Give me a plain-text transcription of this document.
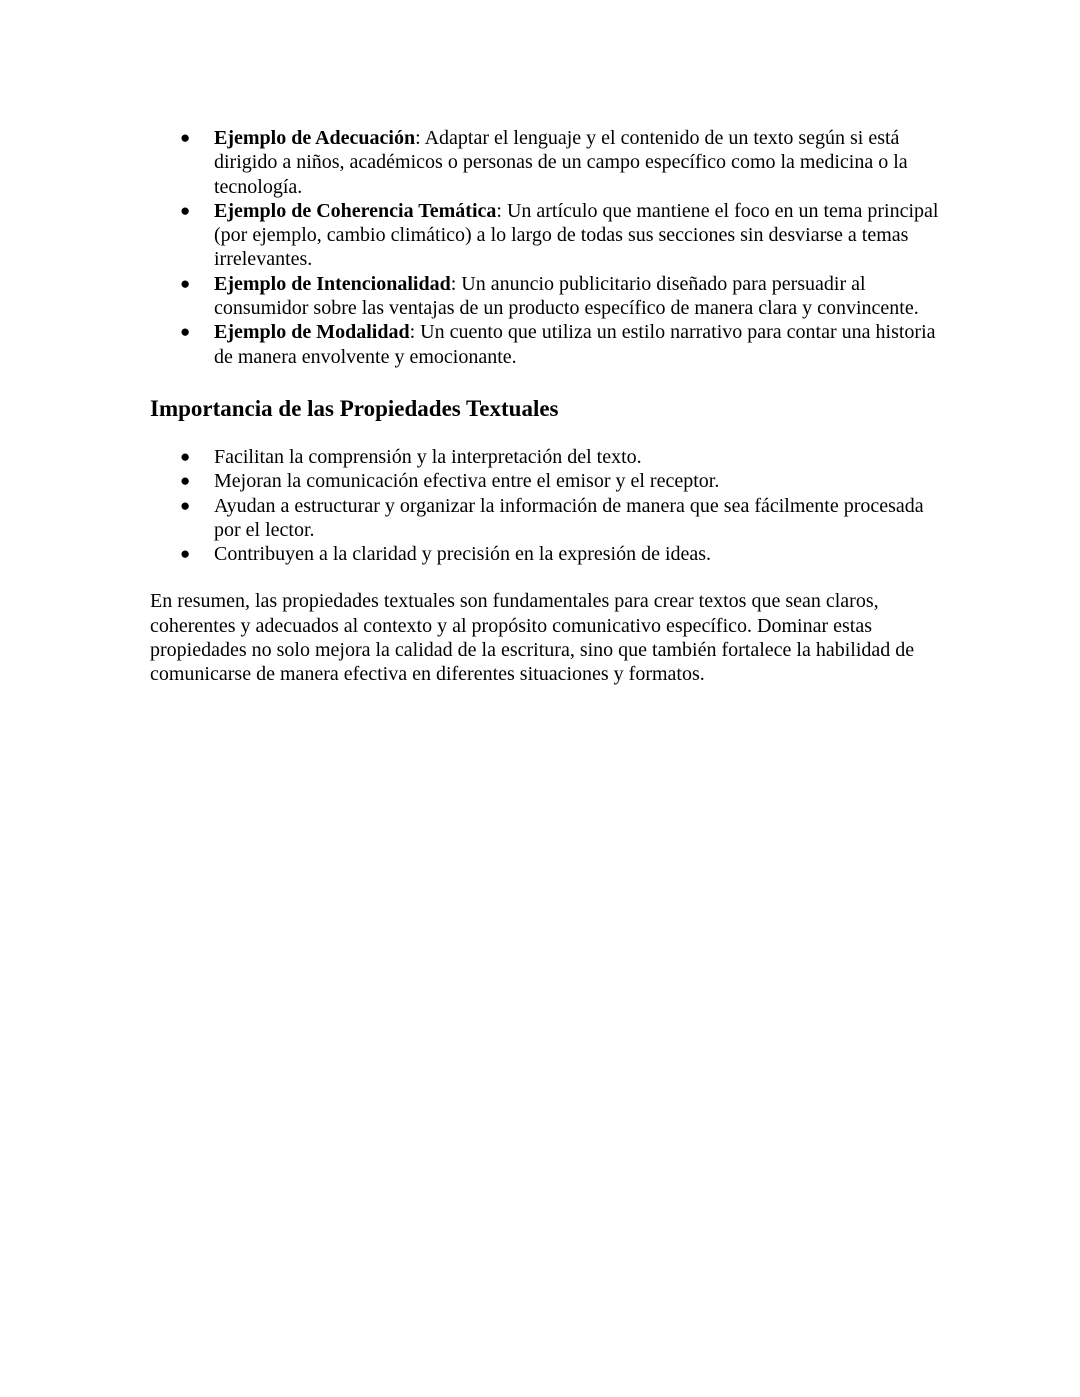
● Ejemplo de Adecuación: Adaptar el lenguaje y el contenido de un texto según si está dirigido a niños, académicos o personas de un campo específico como la medicina o la tecnología.
● Ejemplo de Coherencia Temática: Un artículo que mantiene el foco en un tema principal (por ejemplo, cambio climático) a lo largo de todas sus secciones sin desviarse a temas irrelevantes.
● Ejemplo de Intencionalidad: Un anuncio publicitario diseñado para persuadir al consumidor sobre las ventajas de un producto específico de manera clara y convincente.
● Ejemplo de Modalidad: Un cuento que utiliza un estilo narrativo para contar una historia de manera envolvente y emocionante.
Importancia de las Propiedades Textuales
● Facilitan la comprensión y la interpretación del texto.
● Mejoran la comunicación efectiva entre el emisor y el receptor.
● Ayudan a estructurar y organizar la información de manera que sea fácilmente procesada por el lector.
● Contribuyen a la claridad y precisión en la expresión de ideas.

En resumen, las propiedades textuales son fundamentales para crear textos que sean claros, coherentes y adecuados al contexto y al propósito comunicativo específico. Dominar estas propiedades no solo mejora la calidad de la escritura, sino que también fortalece la habilidad de comunicarse de manera efectiva en diferentes situaciones y formatos.
